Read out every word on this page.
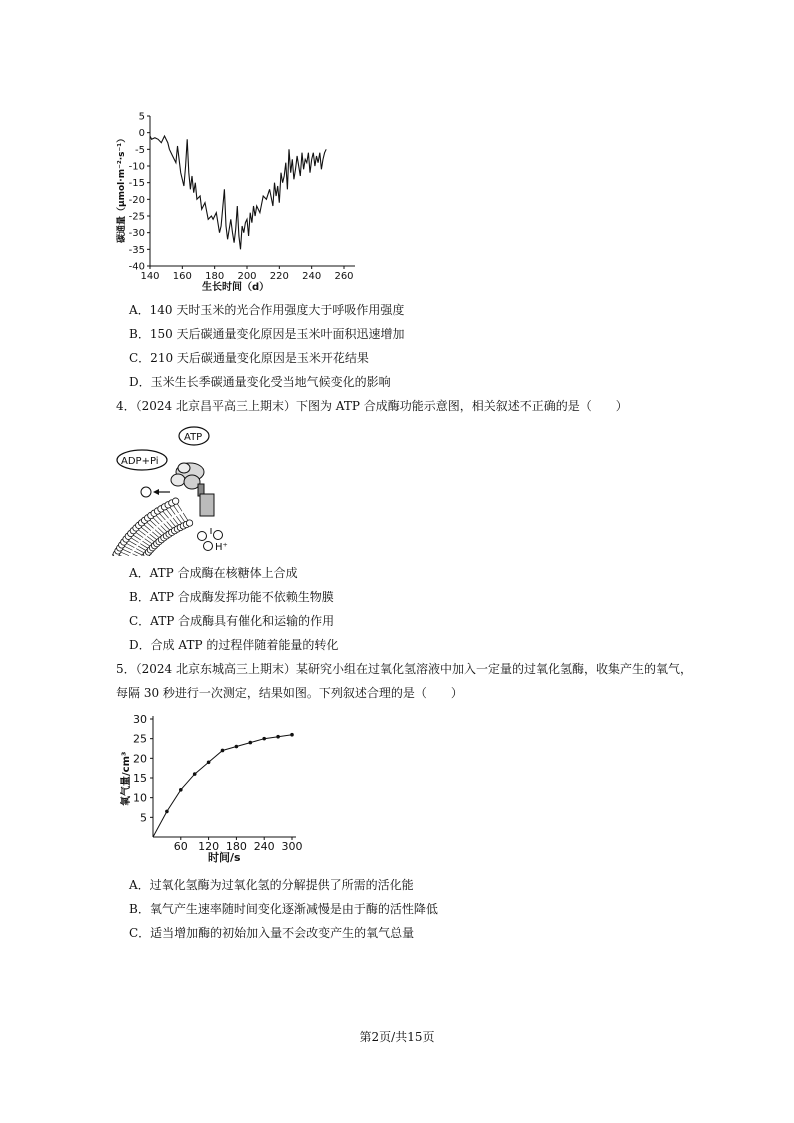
5
0
-5
-10
-15
-20
-25
-30
-35
-40
140 160 180 200 220 240 260
碳通量（μmol·m⁻²·s⁻¹）
生长时间（d）
A．140 天时玉米的光合作用强度大于呼吸作用强度
B．150 天后碳通量变化原因是玉米叶面积迅速增加
C．210 天后碳通量变化原因是玉米开花结果
D．玉米生长季碳通量变化受当地气候变化的影响
4．（2024 北京昌平高三上期末）下图为 ATP 合成酶功能示意图，相关叙述不正确的是（　　）
ATP
ADP+Pi
H⁺
A．ATP 合成酶在核糖体上合成
B．ATP 合成酶发挥功能不依赖生物膜
C．ATP 合成酶具有催化和运输的作用
D．合成 ATP 的过程伴随着能量的转化
5．（2024 北京东城高三上期末）某研究小组在过氧化氢溶液中加入一定量的过氧化氢酶，收集产生的氧气，
每隔 30 秒进行一次测定，结果如图。下列叙述合理的是（　　）
30
25
20
15
10
5
60 120 180 240 300
氧气量/cm³
时间/s
A．过氧化氢酶为过氧化氢的分解提供了所需的活化能
B．氧气产生速率随时间变化逐渐减慢是由于酶的活性降低
C．适当增加酶的初始加入量不会改变产生的氧气总量
第2页/共15页
